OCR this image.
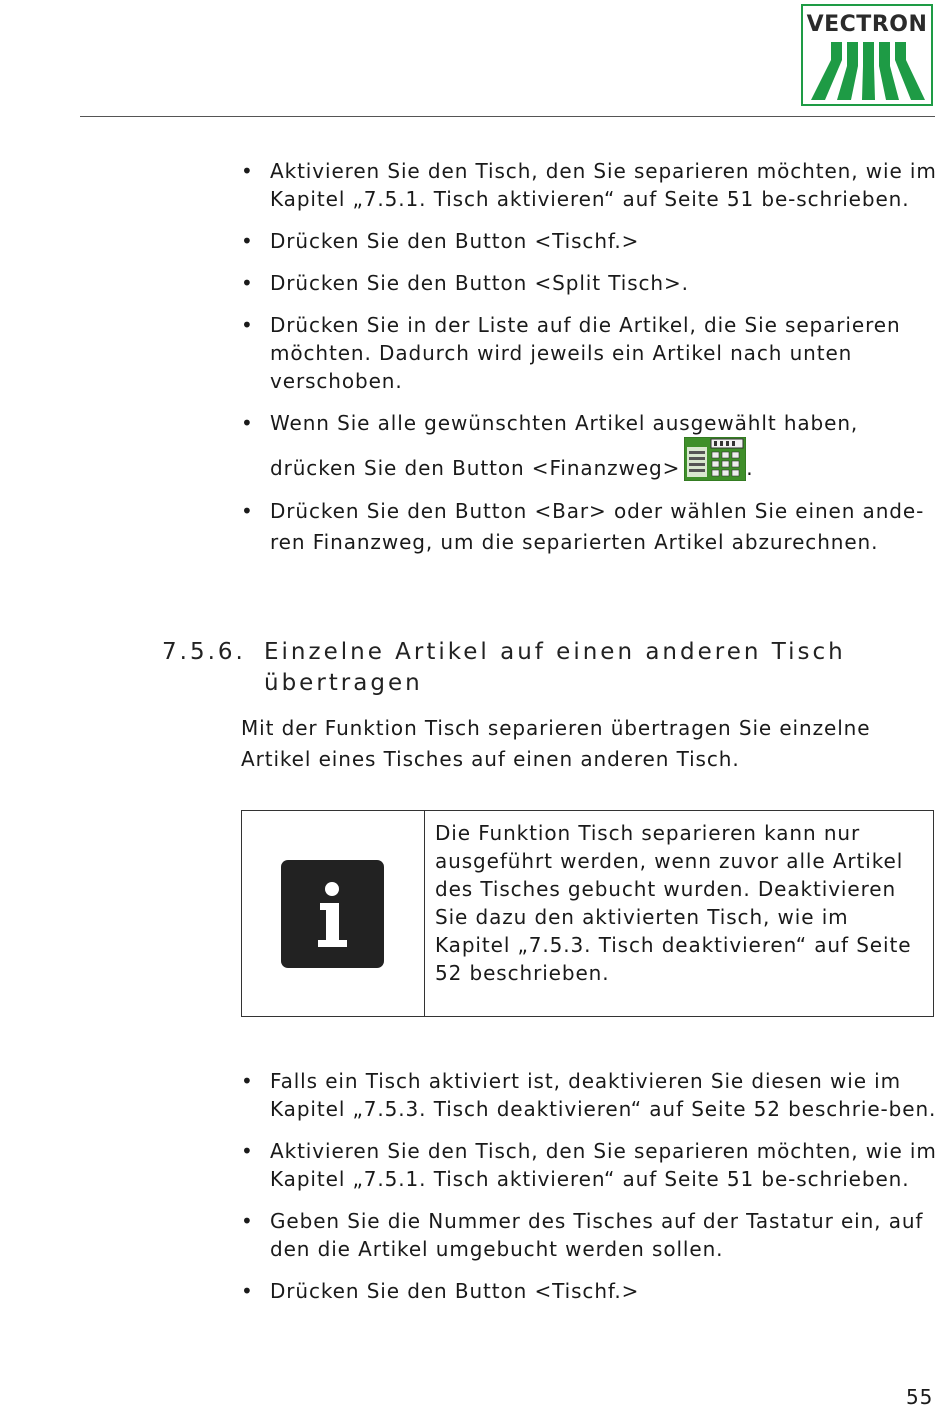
VECTRON
• Aktivieren Sie den Tisch, den Sie separieren möchten, wie im Kapitel „7.5.1. Tisch aktivieren“ auf Seite 51 be-schrieben.
• Drücken Sie den Button <Tischf.>
• Drücken Sie den Button <Split Tisch>.
• Drücken Sie in der Liste auf die Artikel, die Sie separieren möchten. Dadurch wird jeweils ein Artikel nach unten verschoben.
• Wenn Sie alle gewünschten Artikel ausgewählt haben,
drücken Sie den Button <Finanzweg>	.
• Drücken Sie den Button <Bar> oder wählen Sie einen ande-ren Finanzweg, um die separierten Artikel abzurechnen.
7.5.6. Einzelne Artikel auf einen anderen Tisch
übertragen
Mit der Funktion Tisch separieren übertragen Sie einzelne Artikel eines Tisches auf einen anderen Tisch.
Die Funktion Tisch separieren kann nur ausgeführt werden, wenn zuvor alle Artikel des Tisches gebucht wurden. Deaktivieren Sie dazu den aktivierten Tisch, wie im Kapitel „7.5.3. Tisch deaktivieren“ auf Seite 52 beschrieben.
• Falls ein Tisch aktiviert ist, deaktivieren Sie diesen wie im Kapitel „7.5.3. Tisch deaktivieren“ auf Seite 52 beschrie-ben.
• Aktivieren Sie den Tisch, den Sie separieren möchten, wie im Kapitel „7.5.1. Tisch aktivieren“ auf Seite 51 be-schrieben.
• Geben Sie die Nummer des Tisches auf der Tastatur ein, auf den die Artikel umgebucht werden sollen.
• Drücken Sie den Button <Tischf.>
55
